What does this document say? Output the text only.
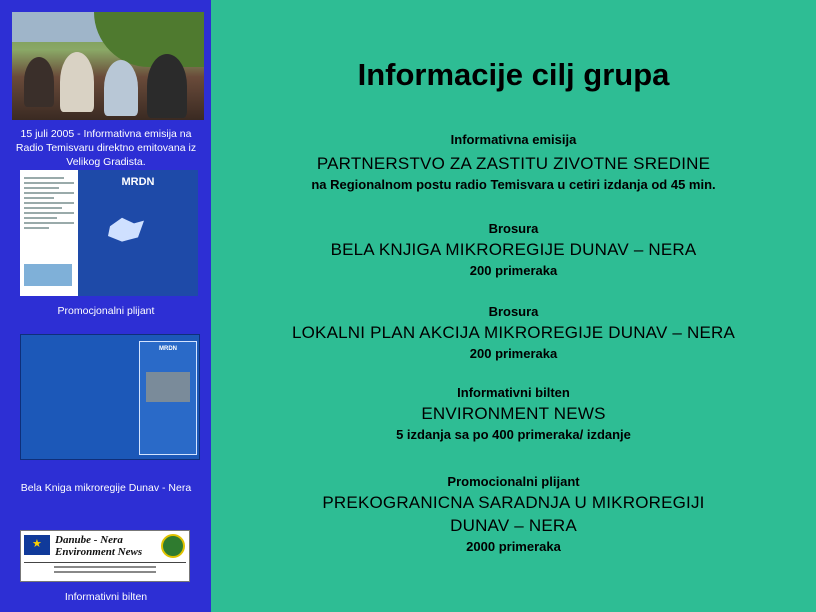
15 juli 2005 - Informativna emisija na Radio Temisvaru direktno emitovana iz Velikog Gradista.
MRDN
Promocjonalni plijant
MRDN
Bela Kniga mikroregije Dunav - Nera
★
Danube - Nera
Environment News
Informativni bilten
Informacije cilj grupa
Informativna emisija
PARTNERSTVO ZA ZASTITU ZIVOTNE SREDINE
na Regionalnom postu radio Temisvara u cetiri izdanja od 45 min.
Brosura
BELA KNJIGA MIKROREGIJE DUNAV – NERA
200 primeraka
Brosura
LOKALNI PLAN AKCIJA MIKROREGIJE DUNAV – NERA
200 primeraka
Informativni bilten
ENVIRONMENT NEWS
5 izdanja sa po 400 primeraka/ izdanje
Promocionalni plijant
PREKOGRANICNA SARADNJA U MIKROREGIJI
DUNAV – NERA
2000 primeraka
